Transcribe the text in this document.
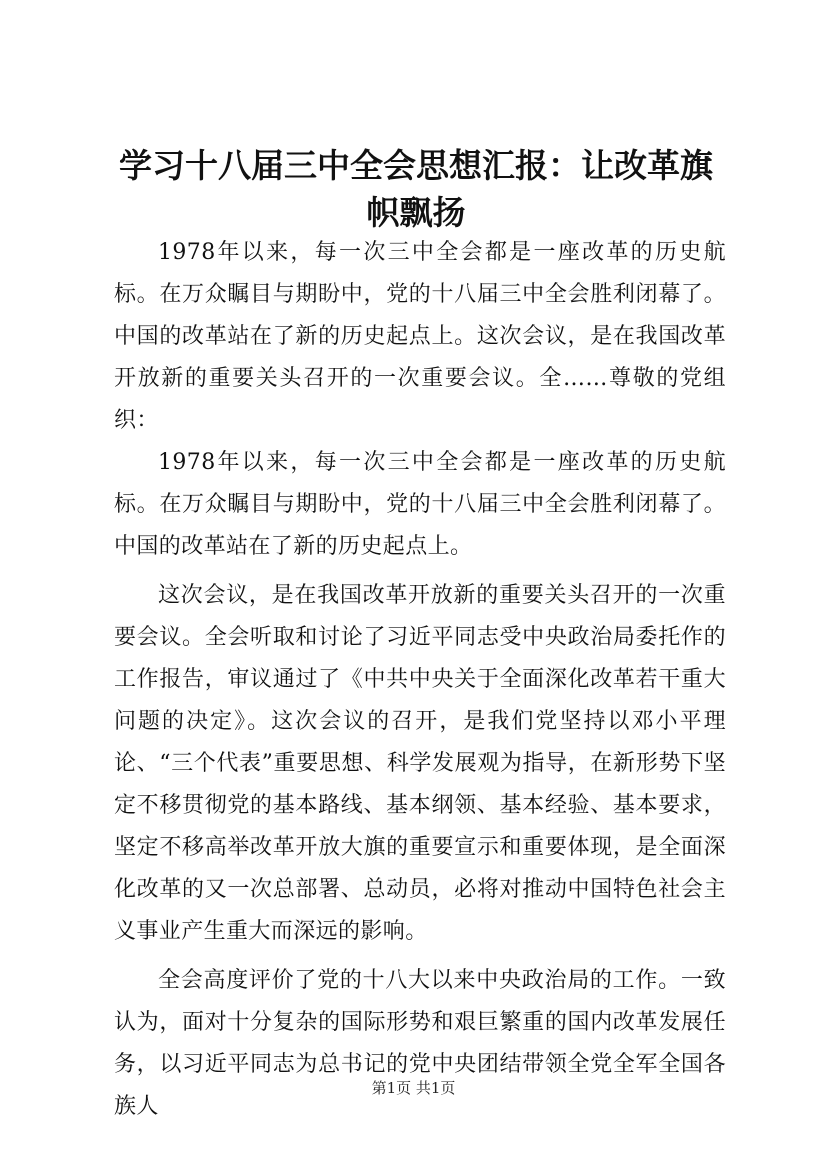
学习十八届三中全会思想汇报：让改革旗帜飘扬

1978年以来，每一次三中全会都是一座改革的历史航标。在万众瞩目与期盼中，党的十八届三中全会胜利闭幕了。中国的改革站在了新的历史起点上。这次会议，是在我国改革开放新的重要关头召开的一次重要会议。全……尊敬的党组织：

1978年以来，每一次三中全会都是一座改革的历史航标。在万众瞩目与期盼中，党的十八届三中全会胜利闭幕了。中国的改革站在了新的历史起点上。

这次会议，是在我国改革开放新的重要关头召开的一次重要会议。全会听取和讨论了习近平同志受中央政治局委托作的工作报告，审议通过了《中共中央关于全面深化改革若干重大问题的决定》。这次会议的召开，是我们党坚持以邓小平理论、“三个代表”重要思想、科学发展观为指导，在新形势下坚定不移贯彻党的基本路线、基本纲领、基本经验、基本要求，坚定不移高举改革开放大旗的重要宣示和重要体现，是全面深化改革的又一次总部署、总动员，必将对推动中国特色社会主义事业产生重大而深远的影响。

全会高度评价了党的十八大以来中央政治局的工作。一致认为，面对十分复杂的国际形势和艰巨繁重的国内改革发展任务，以习近平同志为总书记的党中央团结带领全党全军全国各族人

第1页 共1页
